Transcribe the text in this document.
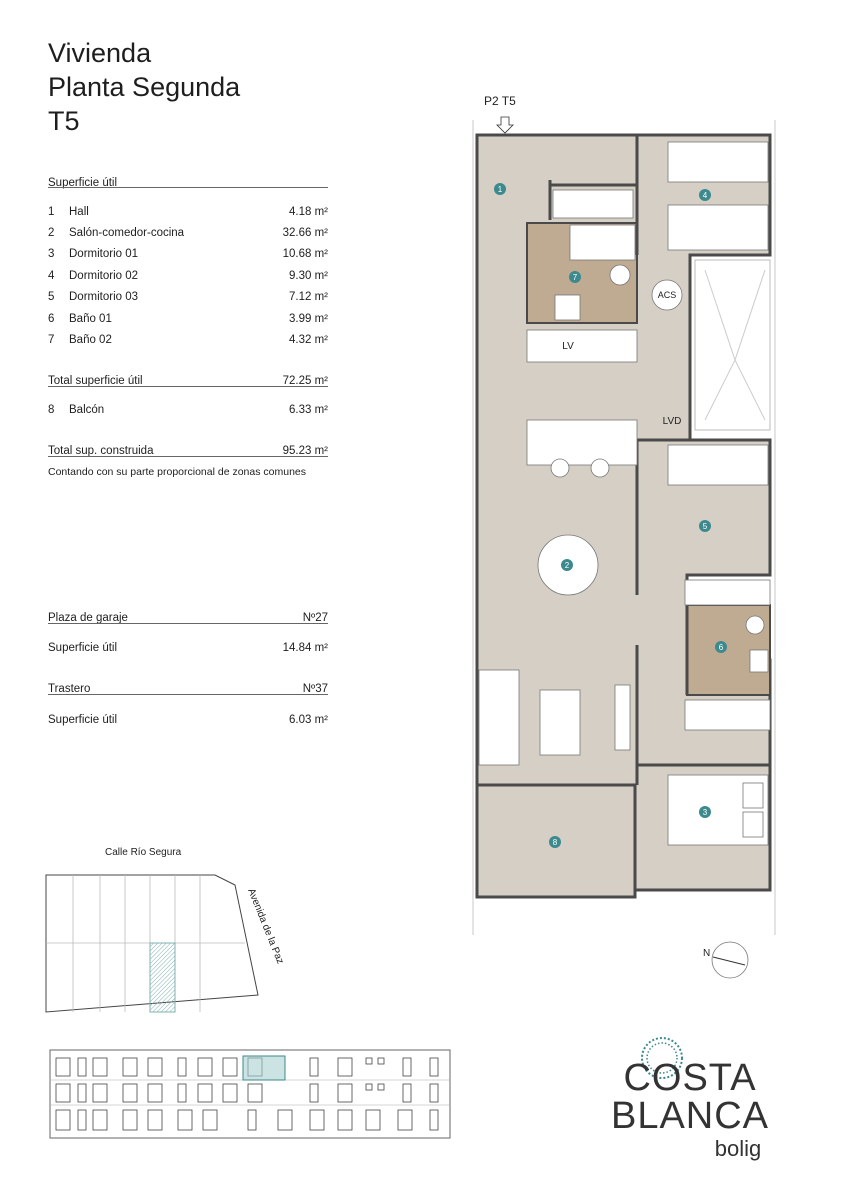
Vivienda
Planta Segunda
T5
Superficie útil
1 Hall	4.18 m²
2 Salón-comedor-cocina	32.66 m²
3 Dormitorio 01	10.68 m²
4 Dormitorio 02	9.30 m²
5 Dormitorio 03	7.12 m²
6 Baño 01	3.99 m²
7 Baño 02	4.32 m²
Total superficie útil	72.25 m²
8 Balcón	6.33 m²
Total sup. construida	95.23 m²
Contando con su parte proporcional de zonas comunes
Plaza de garaje	Nº27
Superficie útil	14.84 m²
Trastero	Nº37
Superficie útil	6.03 m²
P2 T5
LV
LVD
ACS
1
2
3
4
5
6
7
8
N
Calle Río Segura
Avenida de la Paz
COSTA
BLANCA
bolig
